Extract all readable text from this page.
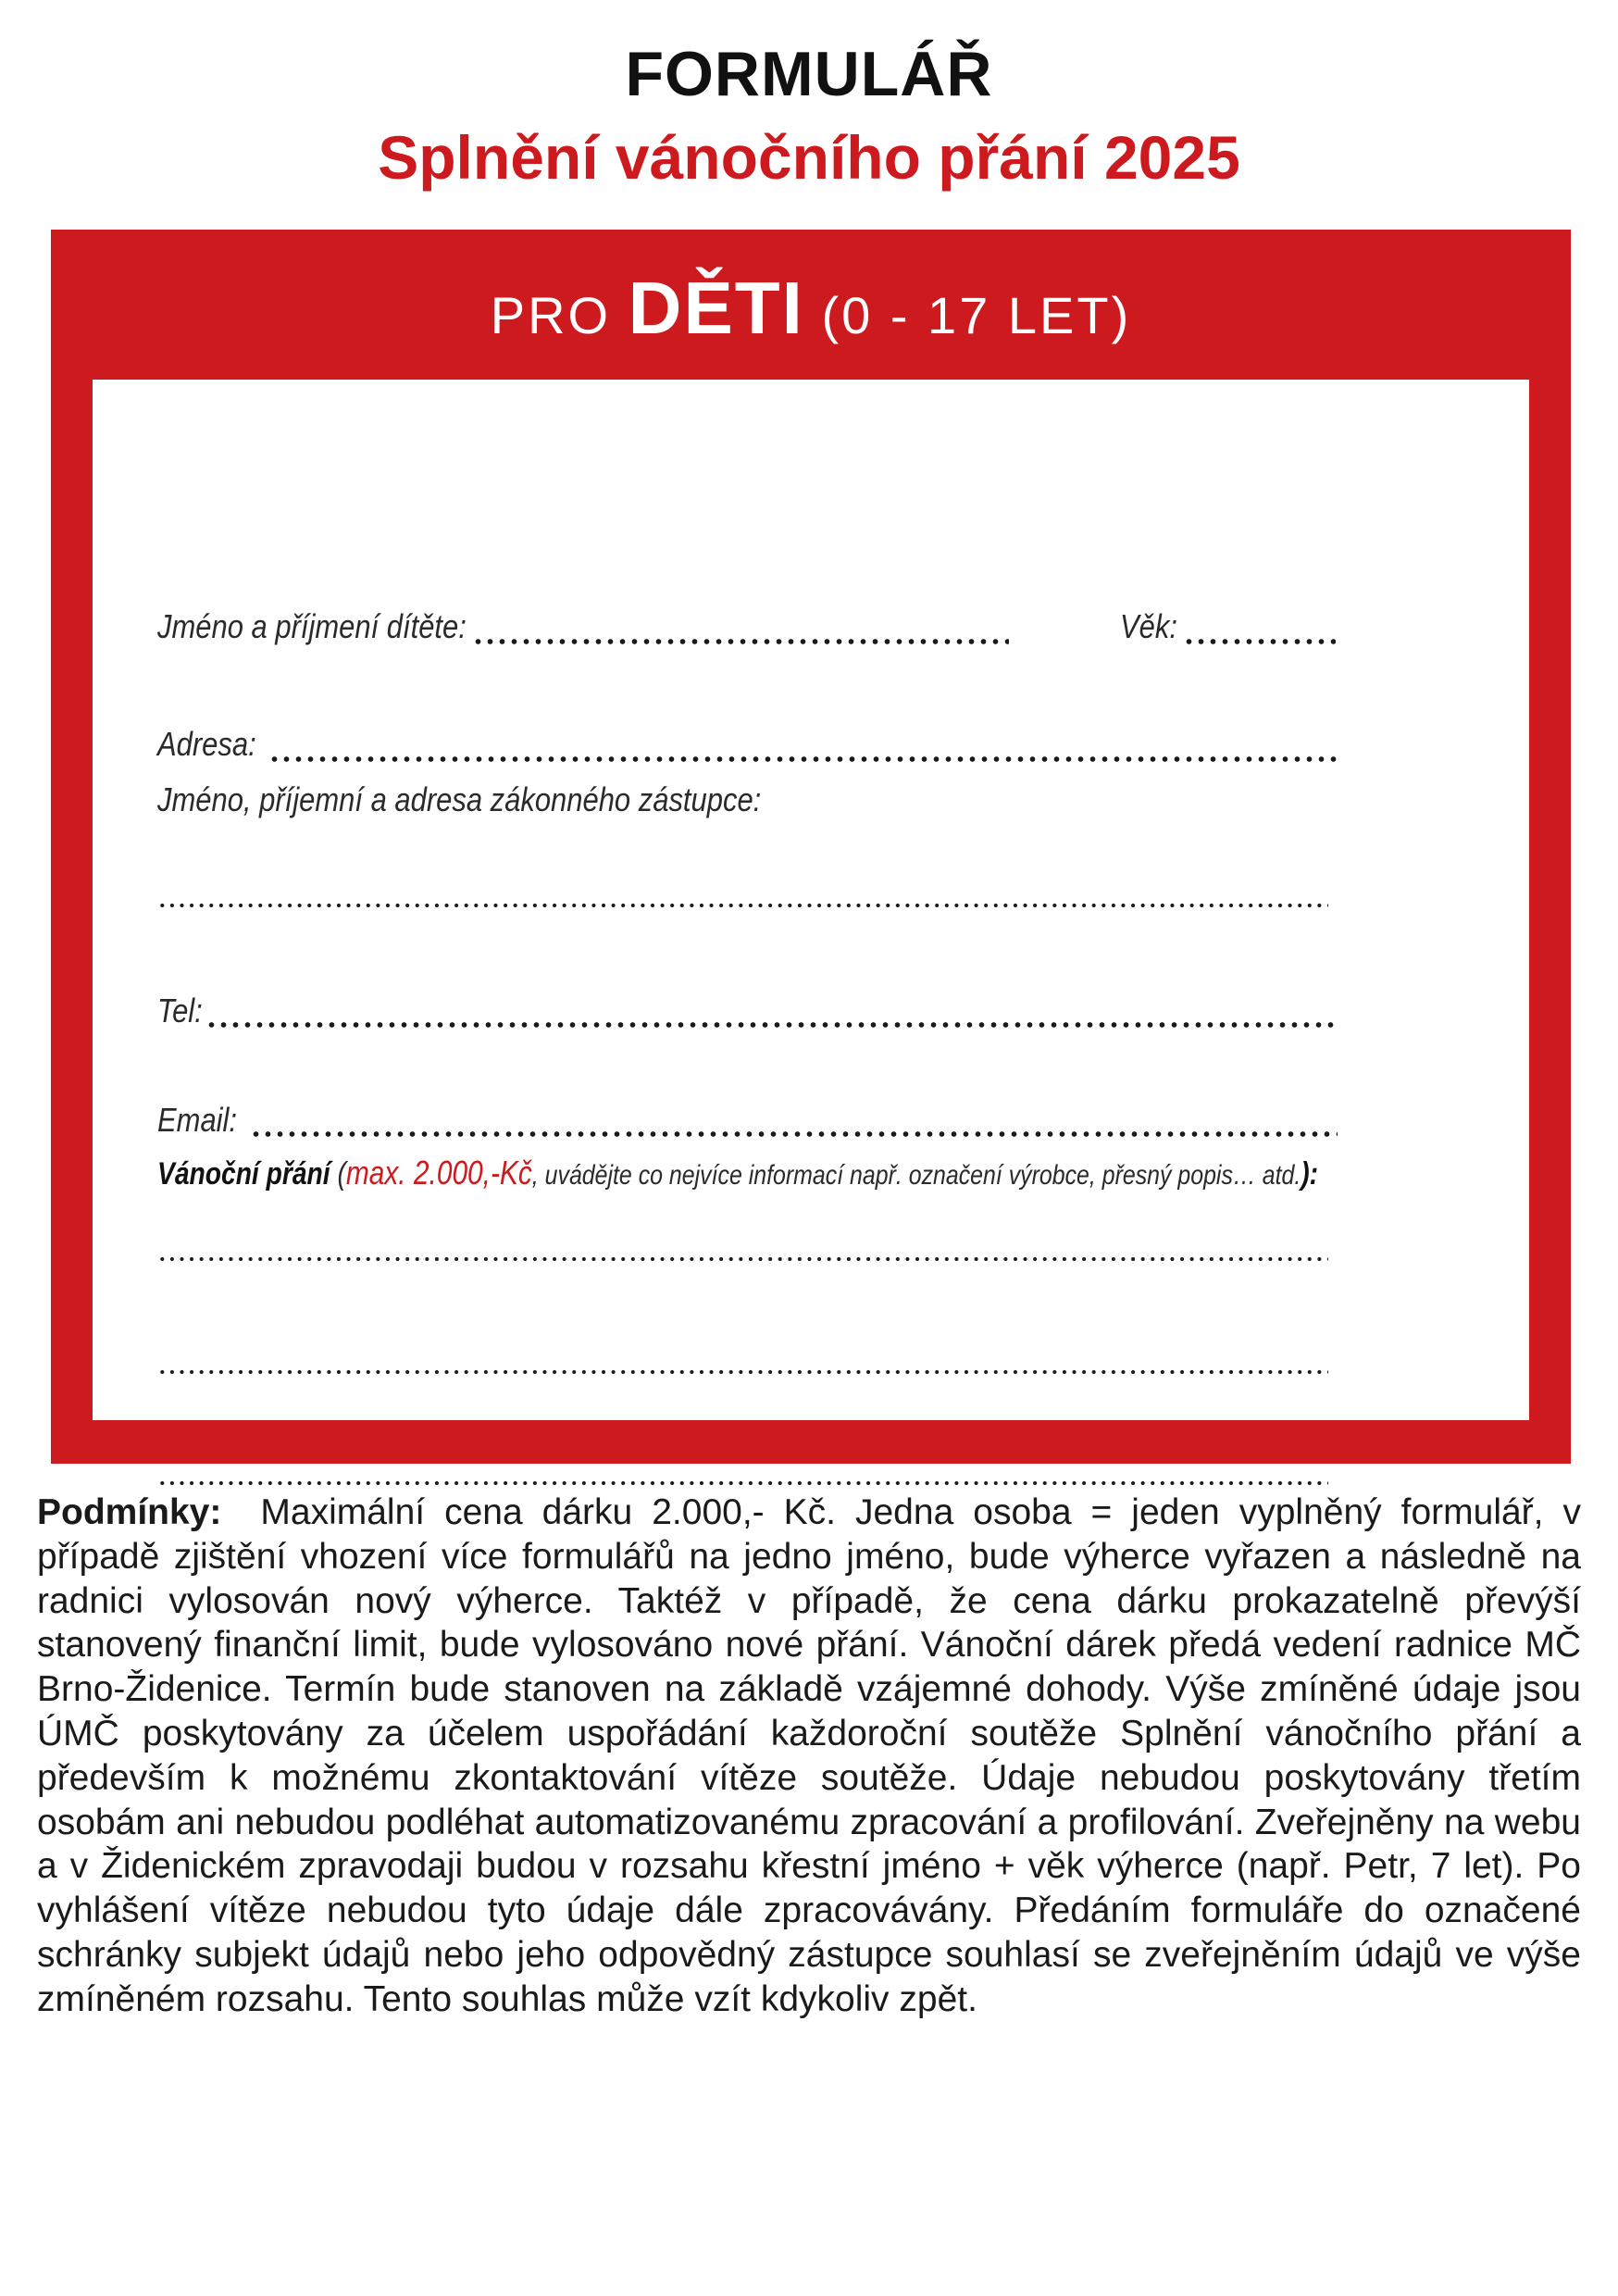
FORMULÁŘ
Splnění vánočního přání 2025
PRO DĚTI (0 - 17 LET)
Jméno a příjmení dítěte:	Věk:
Adresa:
Jméno, příjemní a adresa zákonného zástupce:
Tel:
Email:
Vánoční přání (max. 2.000,-Kč, uvádějte co nejvíce informací např. označení výrobce, přesný popis… atd.):
Podmínky: Maximální cena dárku 2.000,- Kč. Jedna osoba = jeden vyplněný formulář, v případě zjištění vhození více formulářů na jedno jméno, bude výherce vyřazen a následně na radnici vylosován nový výherce. Taktéž v případě, že cena dárku prokazatelně převýší stanovený finanční limit, bude vylosováno nové přání. Vánoční dárek předá vedení radnice MČ Brno-Židenice. Termín bude stanoven na základě vzájemné dohody. Výše zmíněné údaje jsou ÚMČ poskytovány za účelem uspořádání každoroční soutěže Splnění vánočního přání a především k možnému zkontaktování vítěze soutěže. Údaje nebudou poskytovány třetím osobám ani nebudou podléhat automatizovanému zpracování a profilování. Zveřejněny na webu a v Židenickém zpravodaji budou v rozsahu křestní jméno + věk výherce (např. Petr, 7 let). Po vyhlášení vítěze nebudou tyto údaje dále zpracovávány. Předáním formuláře do označené schránky subjekt údajů nebo jeho odpovědný zástupce souhlasí se zveřejněním údajů ve výše zmíněném rozsahu. Tento souhlas může vzít kdykoliv zpět.
